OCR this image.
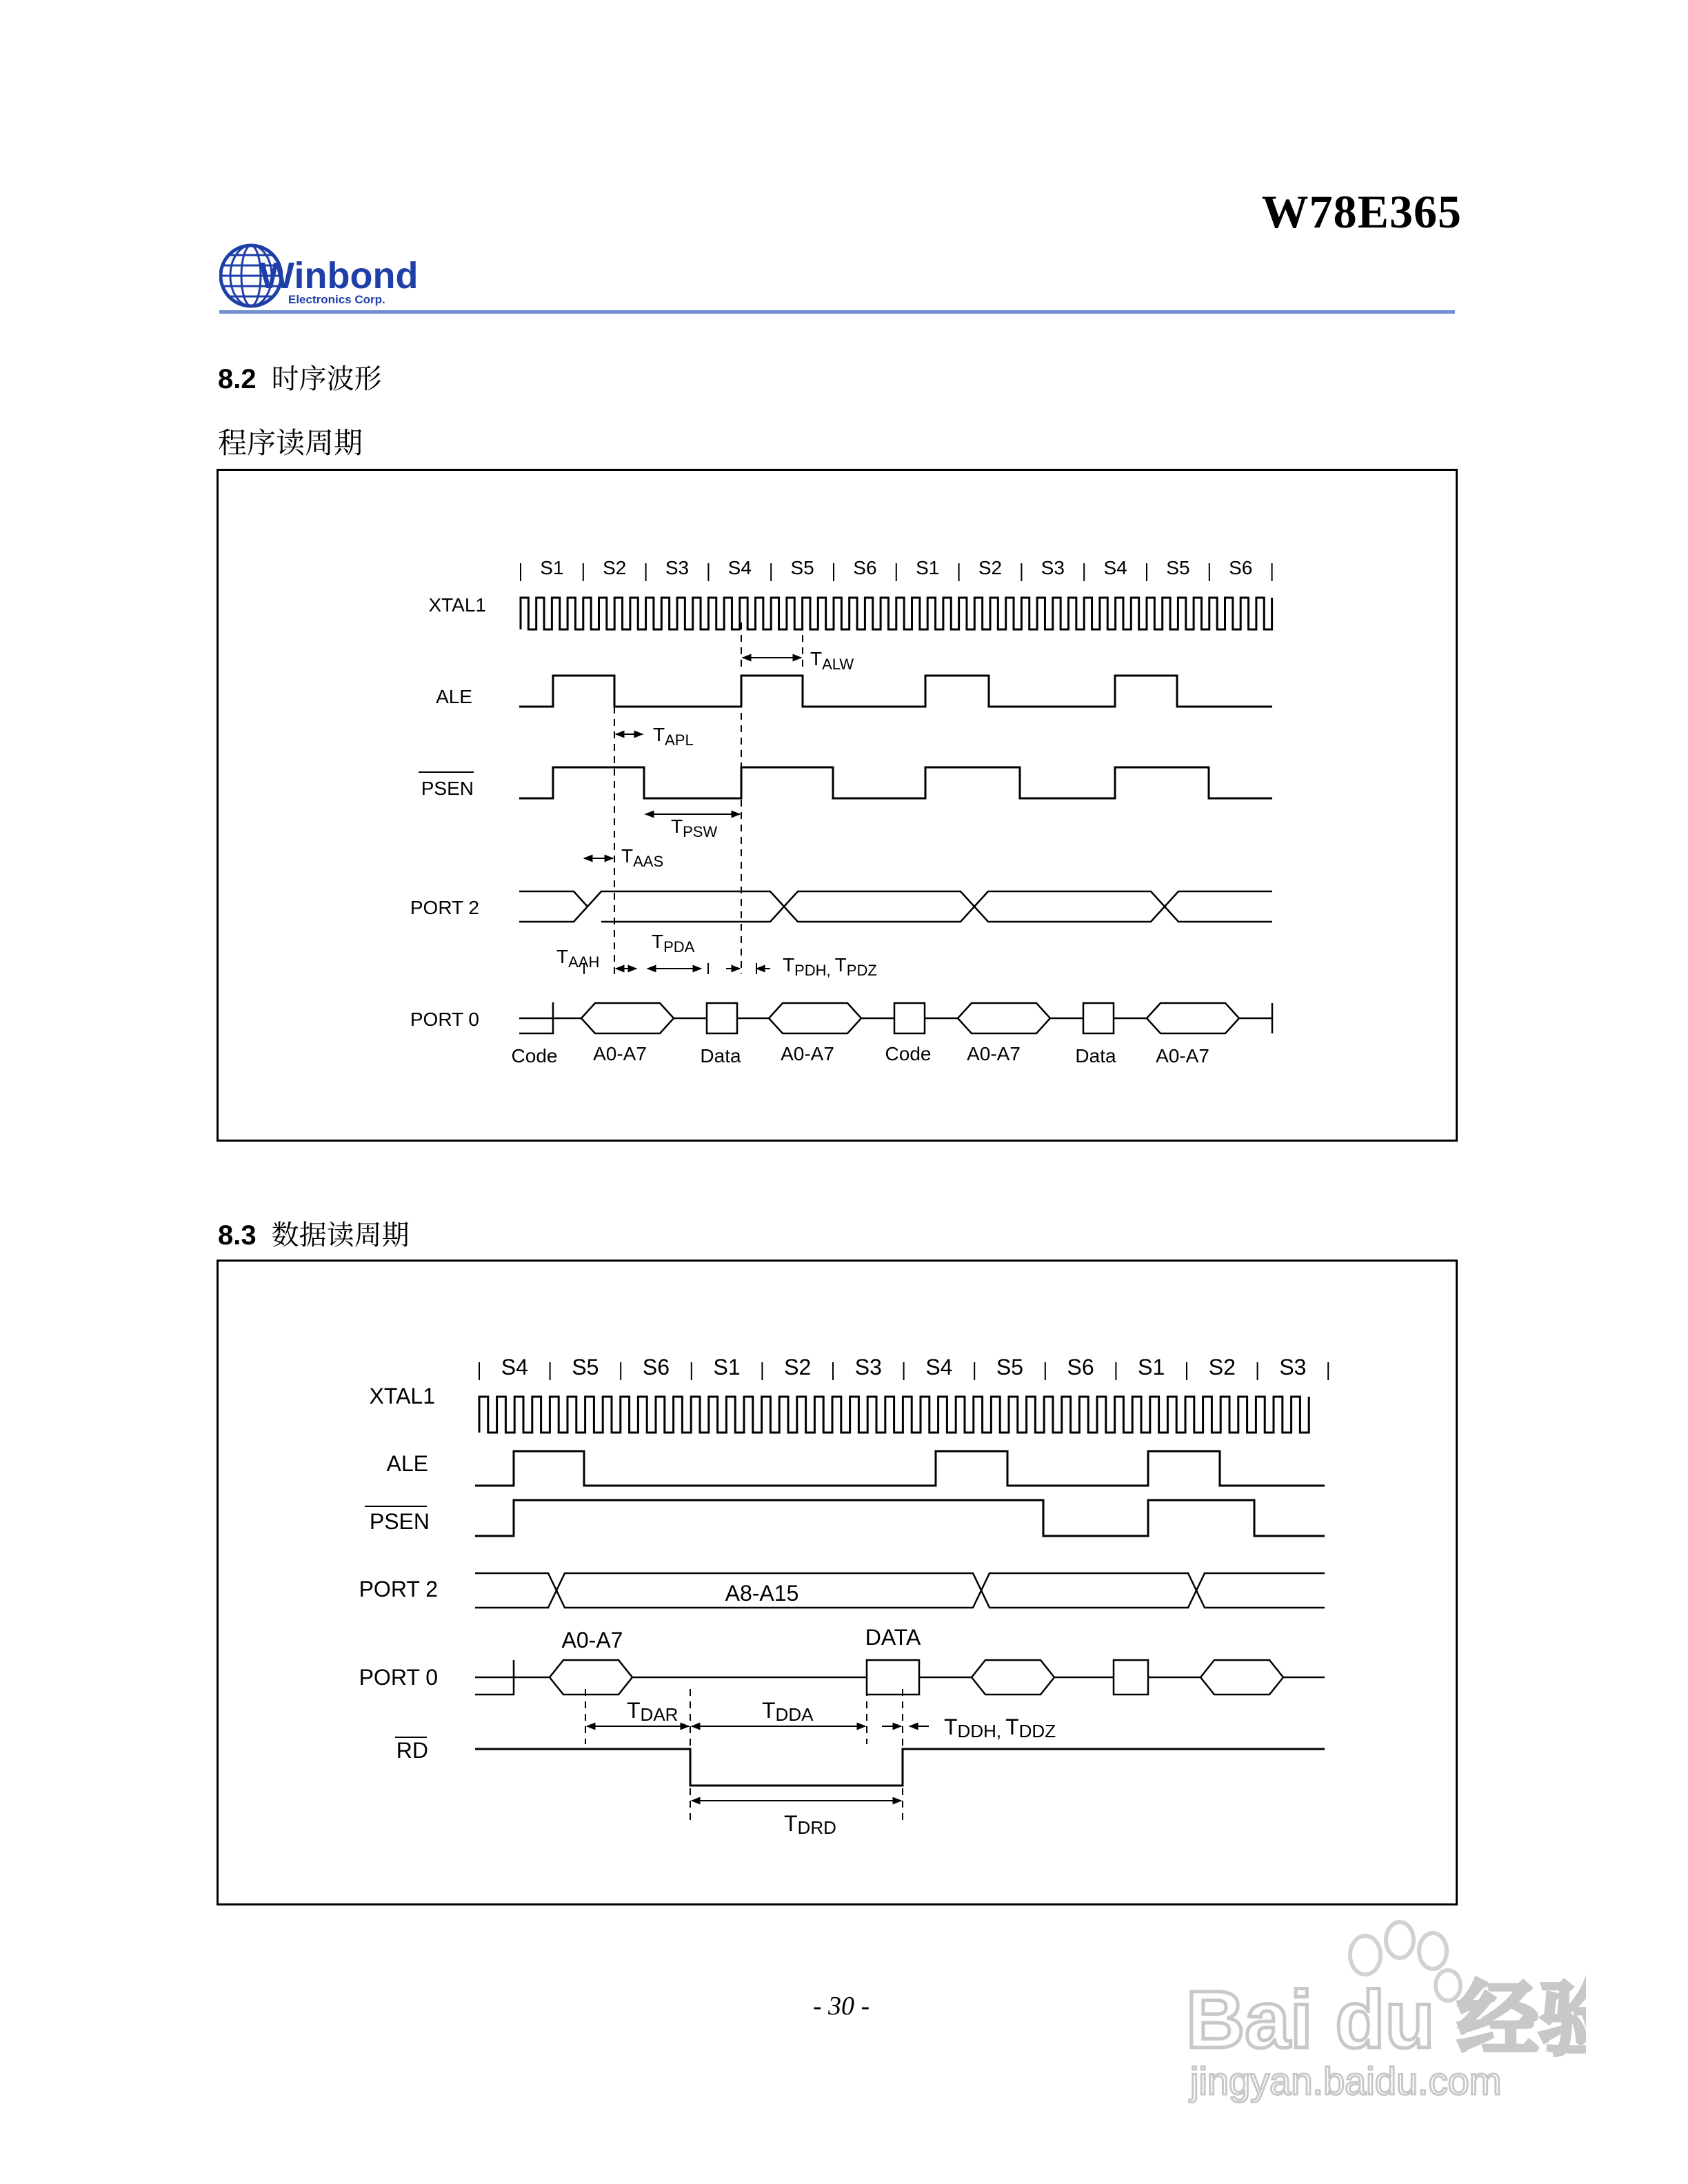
W78E365
Winbond
Electronics Corp.
8.2 时序波形
程序读周期
S1 S2 S3 S4 S5 S6 S1 S2 S3 S4 S5 S6
XTAL1
ALE
PSEN
PORT 2
PORT 0
$T_{ALW}$
$T_{APL}$
$T_{PSW}$
$T_{AAS}$
$T_{AAH}$
$T_{PDA}$
$T_{PDH,}$ $T_{PDZ}$
Code A0-A7	Data A0-A7	Code A0-A7	Data A0-A7
8.3 数据读周期
S4 S5 S6 S1 S2 S3 S4 S5 S6 S1 S2 S3
XTAL1
ALE
PSEN
PORT 2
PORT 0
RD
A8-A15
A0-A7	DATA
TDAR	TDDA	TDDH, TDDZ
TDRD
- 30 -	Bai du 经验
jingyan.baidu.com
